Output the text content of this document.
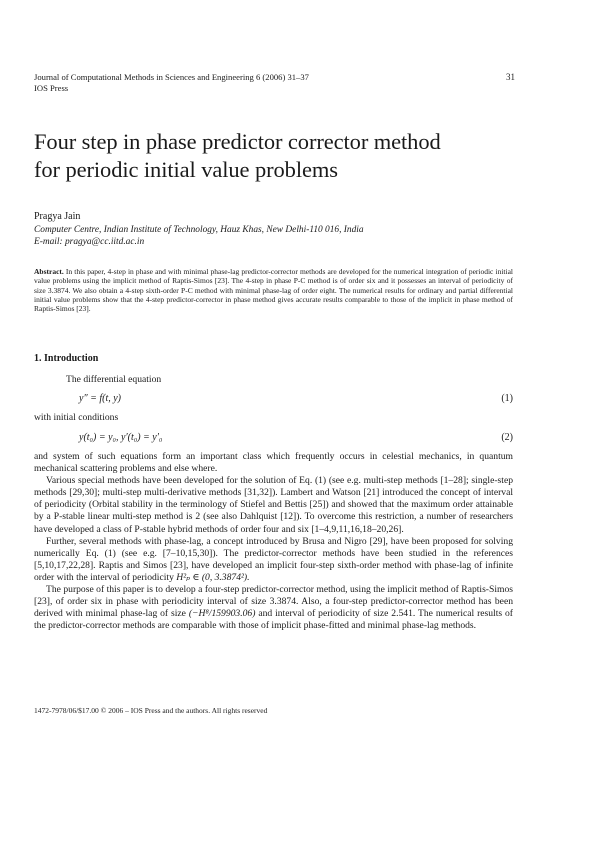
Journal of Computational Methods in Sciences and Engineering 6 (2006) 31–37
IOS Press
31
Four step in phase predictor corrector method
for periodic initial value problems
Pragya Jain
Computer Centre, Indian Institute of Technology, Hauz Khas, New Delhi-110 016, India
E-mail: pragya@cc.iitd.ac.in
Abstract. In this paper, 4-step in phase and with minimal phase-lag predictor-corrector methods are developed for the numerical integration of periodic initial value problems using the implicit method of Raptis-Simos [23]. The 4-step in phase P-C method is of order six and it possesses an interval of periodicity of size 3.3874. We also obtain a 4-step sixth-order P-C method with minimal phase-lag of order eight. The numerical results for ordinary and partial differential initial value problems show that the 4-step predictor-corrector in phase method gives accurate results comparable to those of the implicit in phase method of Raptis-Simos [23].
1. Introduction
The differential equation
y″ = f(t, y)	(1)
with initial conditions
y(t₀) = y₀, y′(t₀) = y′₀	(2)

and system of such equations form an important class which frequently occurs in celestial mechanics, in quantum mechanical scattering problems and else where.

Various special methods have been developed for the solution of Eq. (1) (see e.g. multi-step methods [1–28]; single-step methods [29,30]; multi-step multi-derivative methods [31,32]). Lambert and Watson [21] introduced the concept of interval of periodicity (Orbital stability in the terminology of Stiefel and Bettis [25]) and showed that the maximum order attainable by a P-stable linear multi-step method is 2 (see also Dahlquist [12]). To overcome this restriction, a number of researchers have developed a class of P-stable hybrid methods of order four and six [1–4,9,11,16,18–20,26].

Further, several methods with phase-lag, a concept introduced by Brusa and Nigro [29], have been proposed for solving numerically Eq. (1) (see e.g. [7–10,15,30]). The predictor-corrector methods have been studied in the references [5,10,17,22,28]. Raptis and Simos [23], have developed an implicit four-step sixth-order method with phase-lag of infinite order with the interval of periodicity H²ₚ ∈ (0, 3.3874²).

The purpose of this paper is to develop a four-step predictor-corrector method, using the implicit method of Raptis-Simos [23], of order six in phase with periodicity interval of size 3.3874. Also, a four-step predictor-corrector method has been derived with minimal phase-lag of size (−H⁸/159903.06) and interval of periodicity of size 2.541. The numerical results of the predictor-corrector methods are comparable with those of implicit phase-fitted and minimal phase-lag methods.

1472-7978/06/$17.00 © 2006 – IOS Press and the authors. All rights reserved
